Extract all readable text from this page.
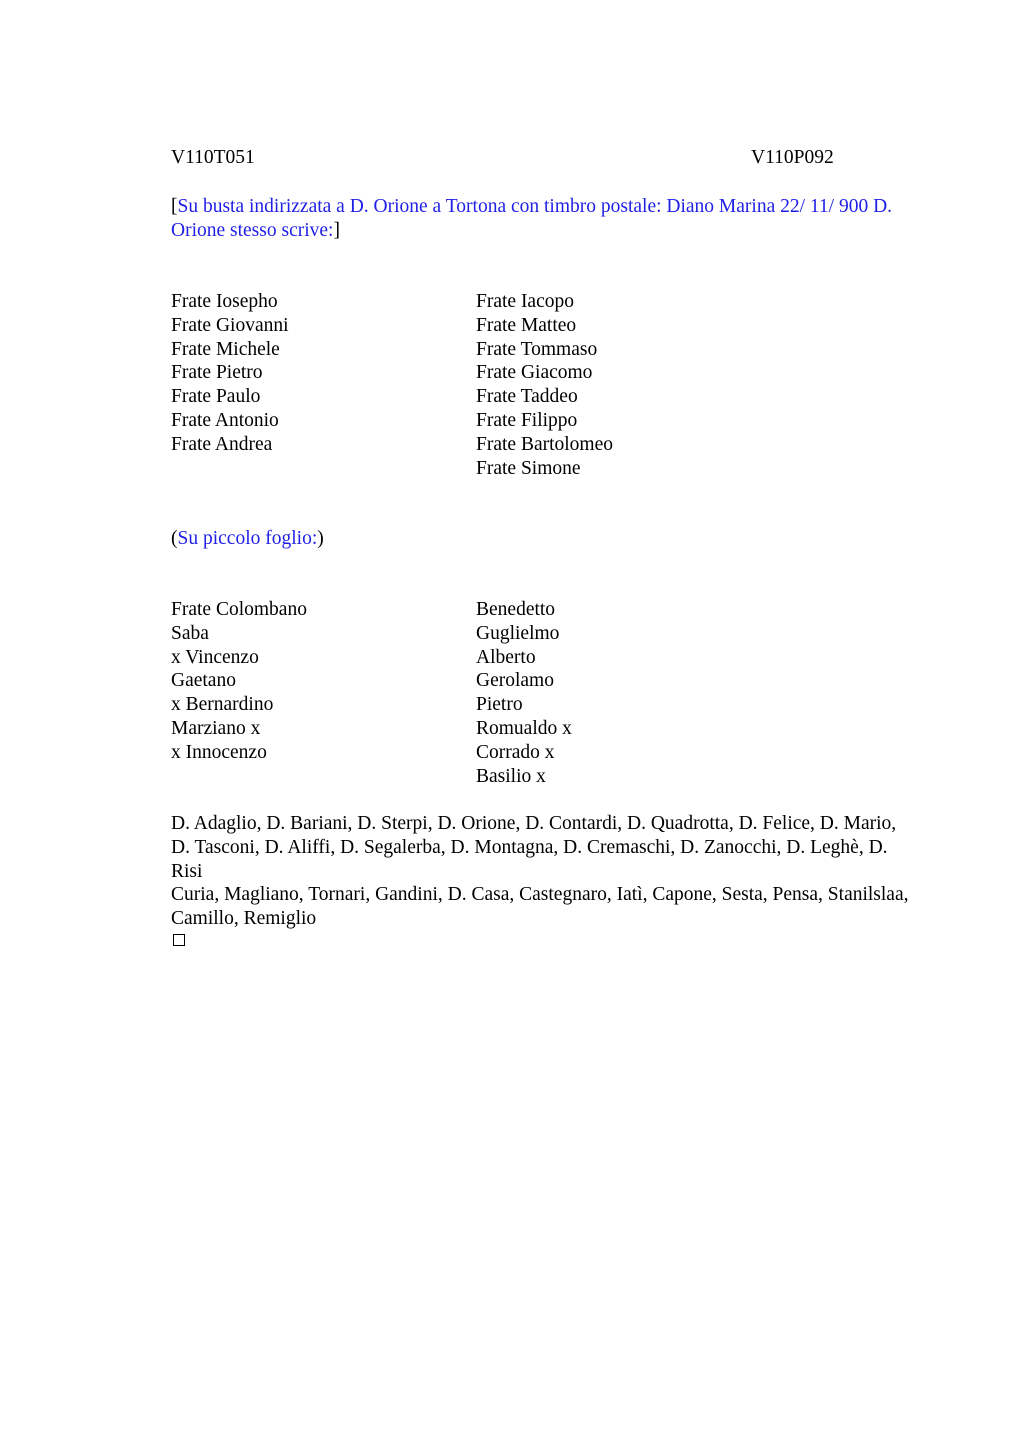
V110T051	V110P092
[Su busta indirizzata a D. Orione a Tortona con timbro postale: Diano Marina 22/ 11/ 900 D. Orione stesso scrive:]
Frate Iosepho
Frate Giovanni
Frate Michele
Frate Pietro
Frate Paulo
Frate Antonio
Frate Andrea
Frate Iacopo
Frate Matteo
Frate Tommaso
Frate Giacomo
Frate Taddeo
Frate Filippo
Frate Bartolomeo
Frate Simone
(Su piccolo foglio:)
Frate Colombano
Saba
x Vincenzo
Gaetano
x Bernardino
Marziano x
x Innocenzo
Benedetto
Guglielmo
Alberto
Gerolamo
Pietro
Romualdo x
Corrado x
Basilio x
D. Adaglio, D. Bariani, D. Sterpi, D. Orione, D. Contardi, D. Quadrotta, D. Felice, D. Mario, D. Tasconi, D. Aliffi, D. Segalerba, D. Montagna, D. Cremaschi, D. Zanocchi, D. Leghè, D. Risi
Curia, Magliano, Tornari, Gandini, D. Casa, Castegnaro, Iatì, Capone, Sesta, Pensa, Stanilslaa, Camillo, Remiglio
